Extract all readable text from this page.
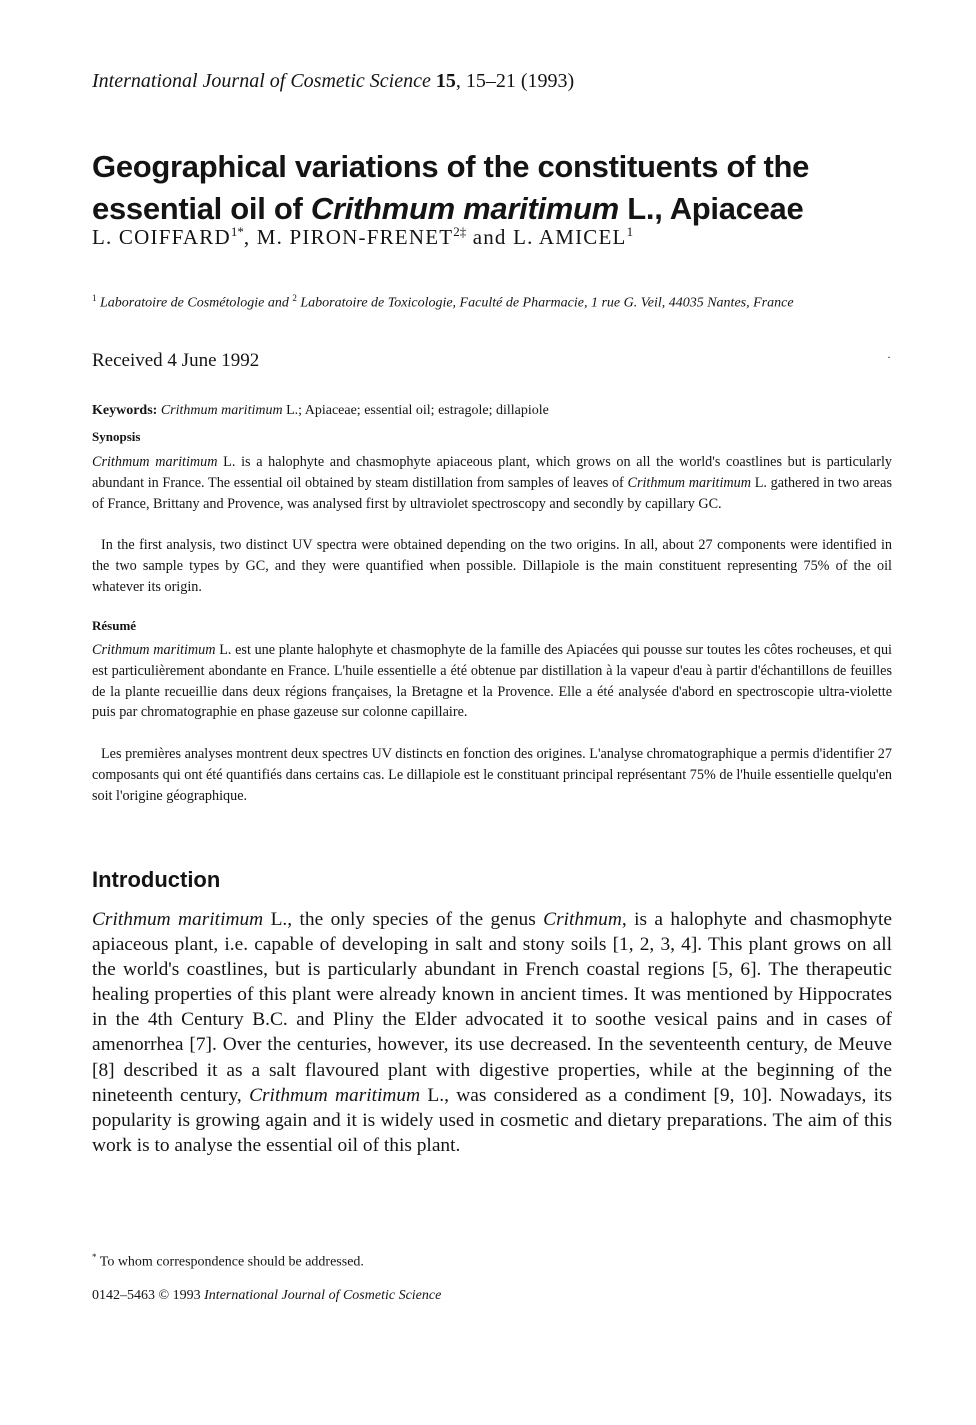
International Journal of Cosmetic Science 15, 15–21 (1993)
Geographical variations of the constituents of the essential oil of Crithmum maritimum L., Apiaceae
L. $COIFFARD^{1*}$, M. PIRON-$FRENET^{2\ddagger}$ and L. AMICEL$^1$
$^1$ Laboratoire de Cosmétologie and $^2$ Laboratoire de Toxicologie, Faculté de Pharmacie, 1 rue G. Veil, 44035 Nantes, France
Received 4 June 1992	·
Keywords: Crithmum maritimum L.; Apiaceae; essential oil; estragole; dillapiole
Synopsis

Crithmum maritimum L. is a halophyte and chasmophyte apiaceous plant, which grows on all the world's coastlines but is particularly abundant in France. The essential oil obtained by steam distillation from samples of leaves of Crithmum maritimum L. gathered in two areas of France, Brittany and Provence, was analysed first by ultraviolet spectroscopy and secondly by capillary GC.

In the first analysis, two distinct UV spectra were obtained depending on the two origins. In all, about 27 components were identified in the two sample types by GC, and they were quantified when possible. Dillapiole is the main constituent representing 75% of the oil whatever its origin.

Résumé

Crithmum maritimum L. est une plante halophyte et chasmophyte de la famille des Apiacées qui pousse sur toutes les côtes rocheuses, et qui est particulièrement abondante en France. L'huile essentielle a été obtenue par distillation à la vapeur d'eau à partir d'échantillons de feuilles de la plante recueillie dans deux régions françaises, la Bretagne et la Provence. Elle a été analysée d'abord en spectroscopie ultra-violette puis par chromatographie en phase gazeuse sur colonne capillaire.

Les premières analyses montrent deux spectres UV distincts en fonction des origines. L'analyse chromatographique a permis d'identifier 27 composants qui ont été quantifiés dans certains cas. Le dillapiole est le constituant principal représentant 75% de l'huile essentielle quelqu'en soit l'origine géographique.

Introduction

Crithmum maritimum L., the only species of the genus Crithmum, is a halophyte and chasmophyte apiaceous plant, i.e. capable of developing in salt and stony soils [1, 2, 3, 4]. This plant grows on all the world's coastlines, but is particularly abundant in French coastal regions [5, 6]. The therapeutic healing properties of this plant were already known in ancient times. It was mentioned by Hippocrates in the 4th Century B.C. and Pliny the Elder advocated it to soothe vesical pains and in cases of amenorrhea [7]. Over the centuries, however, its use decreased. In the seventeenth century, de Meuve [8] described it as a salt flavoured plant with digestive properties, while at the beginning of the nineteenth century, Crithmum maritimum L., was considered as a condiment [9, 10]. Nowadays, its popularity is growing again and it is widely used in cosmetic and dietary preparations. The aim of this work is to analyse the essential oil of this plant.

* To whom correspondence should be addressed.
0142–5463 © 1993 International Journal of Cosmetic Science
